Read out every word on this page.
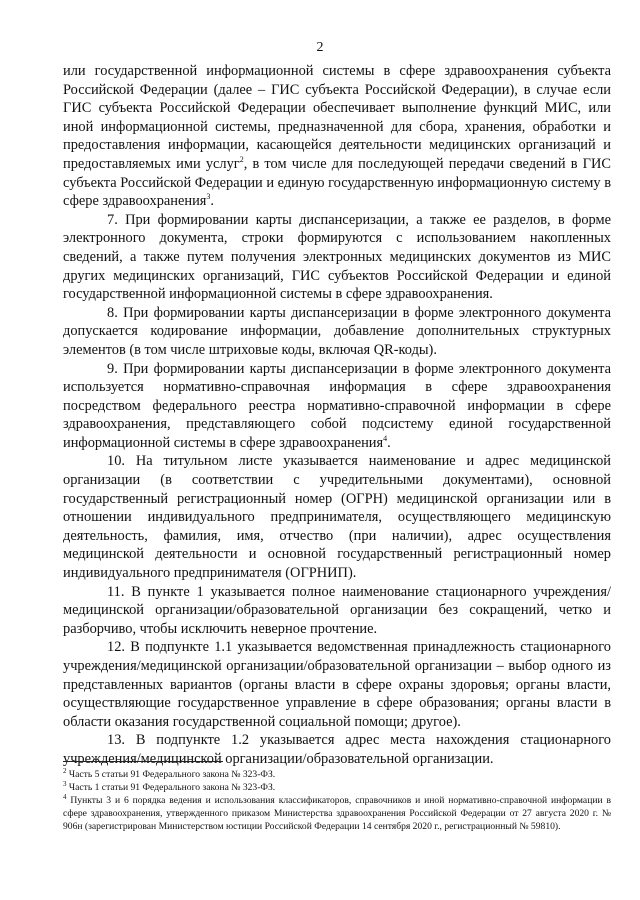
2

или государственной информационной системы в сфере здравоохранения субъекта Российской Федерации (далее – ГИС субъекта Российской Федерации), в случае если ГИС субъекта Российской Федерации обеспечивает выполнение функций МИС, или иной информационной системы, предназначенной для сбора, хранения, обработки и предоставления информации, касающейся деятельности медицинских организаций и предоставляемых ими услуг$^2$, в том числе для последующей передачи сведений в ГИС субъекта Российской Федерации и единую государственную информационную систему в сфере здравоохранения$^3$.

7. При формировании карты диспансеризации, а также ее разделов, в форме электронного документа, строки формируются с использованием накопленных сведений, а также путем получения электронных медицинских документов из МИС других медицинских организаций, ГИС субъектов Российской Федерации и единой государственной информационной системы в сфере здравоохранения.

8. При формировании карты диспансеризации в форме электронного документа допускается кодирование информации, добавление дополнительных структурных элементов (в том числе штриховые коды, включая QR-коды).

9. При формировании карты диспансеризации в форме электронного документа используется нормативно-справочная информация в сфере здравоохранения посредством федерального реестра нормативно-справочной информации в сфере здравоохранения, представляющего собой подсистему единой государственной информационной системы в сфере здравоохранения$^4$.

10. На титульном листе указывается наименование и адрес медицинской организации (в соответствии с учредительными документами), основной государственный регистрационный номер (ОГРН) медицинской организации или в отношении индивидуального предпринимателя, осуществляющего медицинскую деятельность, фамилия, имя, отчество (при наличии), адрес осуществления медицинской деятельности и основной государственный регистрационный номер индивидуального предпринимателя (ОГРНИП).

11. В пункте 1 указывается полное наименование стационарного учреждения/медицинской организации/образовательной организации без сокращений, четко и разборчиво, чтобы исключить неверное прочтение.

12. В подпункте 1.1 указывается ведомственная принадлежность стационарного учреждения/медицинской организации/образовательной организации – выбор одного из представленных вариантов (органы власти в сфере охраны здоровья; органы власти, осуществляющие государственное управление в сфере образования; органы власти в области оказания государственной социальной помощи; другое).

13. В подпункте 1.2 указывается адрес места нахождения стационарного учреждения/медицинской организации/образовательной организации.

$^2$ Часть 5 статьи 91 Федерального закона № 323-ФЗ.

$^3$ Часть 1 статьи 91 Федерального закона № 323-ФЗ.

$^4$ Пункты 3 и 6 порядка ведения и использования классификаторов, справочников и иной нормативно-справочной информации в сфере здравоохранения, утвержденного приказом Министерства здравоохранения Российской Федерации от 27 августа 2020 г. № 906н (зарегистрирован Министерством юстиции Российской Федерации 14 сентября 2020 г., регистрационный № 59810).
